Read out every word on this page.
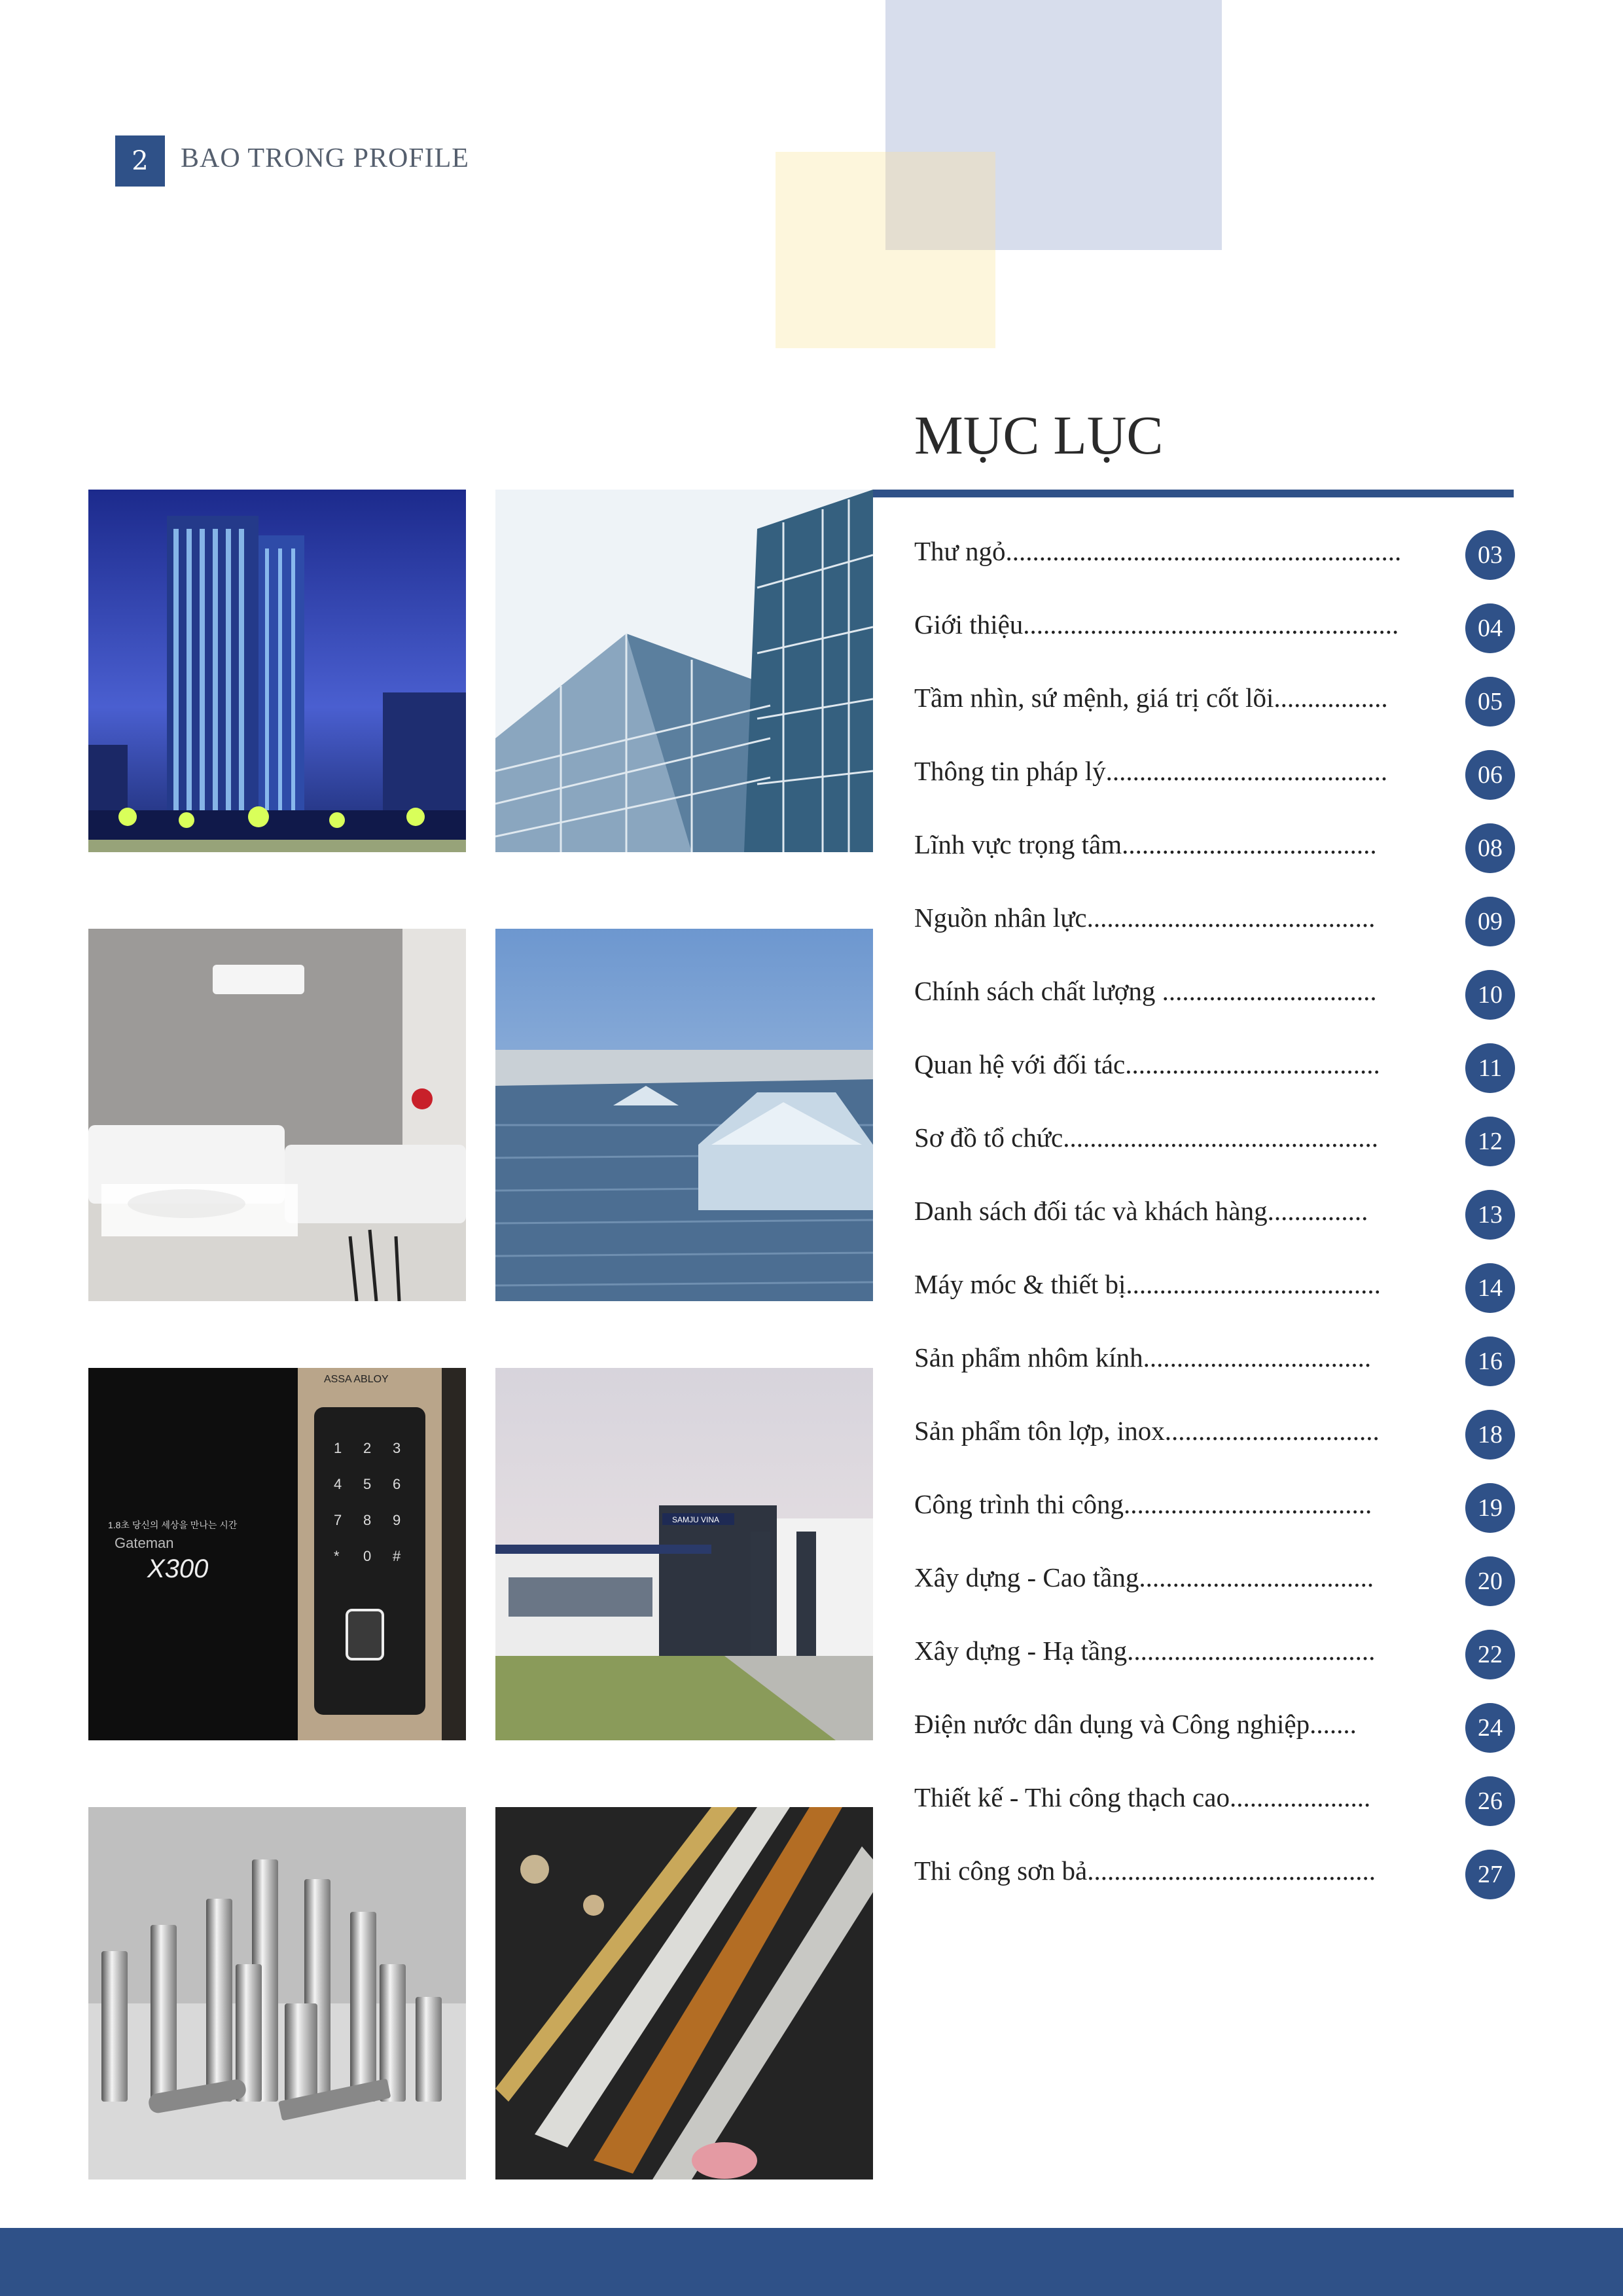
2	BAO TRONG PROFILE
MỤC LỤC
ASSA ABLOY
1.8초 당신의 세상을 만나는 시간
Gateman
X300
1 2 3
4 5 6
7 8 9
* 0 #
SAMJU VINA
Thư ngỏ...........................................................	03
Giới thiệu........................................................	04
Tầm nhìn, sứ mệnh, giá trị cốt lõi.................	05
Thông tin pháp lý..........................................	06
Lĩnh vực trọng tâm......................................	08
Nguồn nhân lực...........................................	09
Chính sách chất lượng ................................	10
Quan hệ với đối tác......................................	11
Sơ đồ tổ chức...............................................	12
Danh sách đối tác và khách hàng...............	13
Máy móc & thiết bị......................................	14
Sản phẩm nhôm kính..................................	16
Sản phẩm tôn lợp, inox................................	18
Công trình thi công.....................................	19
Xây dựng - Cao tầng...................................	20
Xây dựng - Hạ tầng.....................................	22
Điện nước dân dụng và Công nghiệp.......	24
Thiết kế - Thi công thạch cao.....................	26
Thi công sơn bả...........................................	27
